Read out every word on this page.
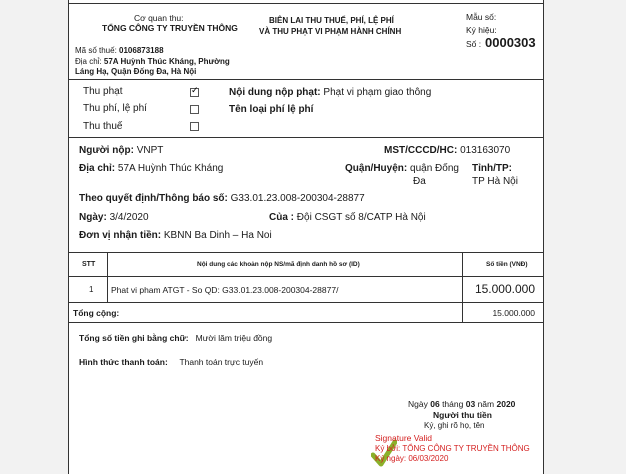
Cơ quan thu:
TỔNG CÔNG TY TRUYỀN THÔNG
BIÊN LAI THU THUẾ, PHÍ, LỆ PHÍ
VÀ THU PHẠT VI PHẠM HÀNH CHÍNH
Mẫu số:
Ký hiệu:
Số : 0000303
Mã số thuế: 0106873188
Địa chỉ: 57A Huỳnh Thúc Kháng, Phường
Láng Hạ, Quận Đống Đa, Hà Nội
Thu phạt
✓
Thu phí, lệ phí
Thu thuế
Nội dung nộp phạt: Phạt vi phạm giao thông
Tên loại phí lệ phí
Người nộp: VNPT	MST/CCCD/HC: 013163070
Địa chỉ: 57A Huỳnh Thúc Kháng	Quận/Huyện: quận Đống
Đa
Tỉnh/TP:
TP Hà Nội
Theo quyết định/Thông báo số: G33.01.23.008-200304-28877
Ngày: 3/4/2020	Của : Đội CSGT số 8/CATP Hà Nội
Đơn vị nhận tiền: KBNN Ba Dinh – Ha Noi
STT	Nội dung các khoản nộp NS/mã định danh hồ sơ (ID)	Số tiền (VNĐ)
1 Phat vi pham ATGT - So QD: G33.01.23.008-200304-28877/	15.000.000
Tổng cộng:	15.000.000
Tổng số tiền ghi bằng chữ: Mười lăm triệu đồng
Hình thức thanh toán: Thanh toán trực tuyến
Ngày 06 tháng 03 năm 2020
Người thu tiền
Ký, ghi rõ họ, tên
Signature Valid
Ký bởi: TỔNG CÔNG TY TRUYỀN THÔNG
Ký ngày: 06/03/2020
